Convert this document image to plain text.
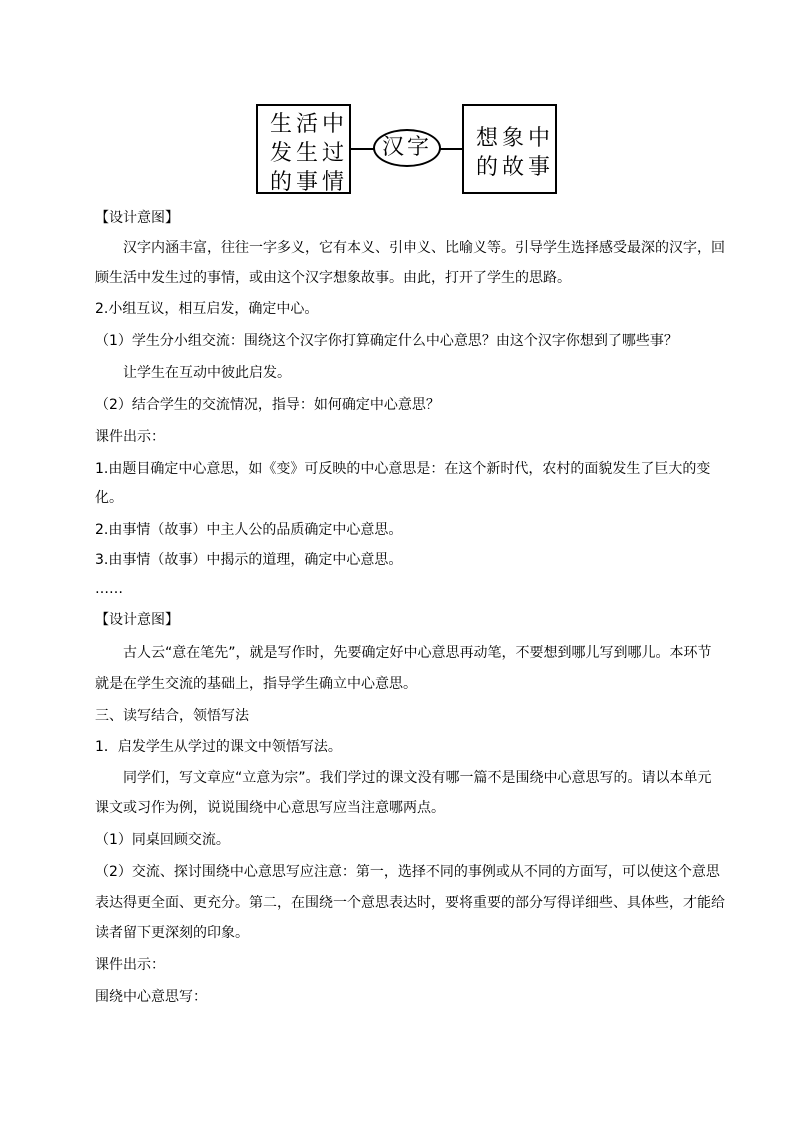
生活中
发生过
的事情
汉字	想象中
的故事
【设计意图】
汉字内涵丰富，往往一字多义，它有本义、引申义、比喻义等。引导学生选择感受最深的汉字，回
顾生活中发生过的事情，或由这个汉字想象故事。由此，打开了学生的思路。
2.小组互议，相互启发，确定中心。
（1）学生分小组交流：围绕这个汉字你打算确定什么中心意思？由这个汉字你想到了哪些事？
让学生在互动中彼此启发。
（2）结合学生的交流情况，指导：如何确定中心意思？
课件出示：
1.由题目确定中心意思，如《变》可反映的中心意思是：在这个新时代，农村的面貌发生了巨大的变
化。
2.由事情（故事）中主人公的品质确定中心意思。
3.由事情（故事）中揭示的道理，确定中心意思。
……
【设计意图】
古人云“意在笔先”，就是写作时，先要确定好中心意思再动笔，不要想到哪儿写到哪儿。本环节
就是在学生交流的基础上，指导学生确立中心意思。
三、读写结合，领悟写法
1．启发学生从学过的课文中领悟写法。
同学们，写文章应“立意为宗”。我们学过的课文没有哪一篇不是围绕中心意思写的。请以本单元
课文或习作为例，说说围绕中心意思写应当注意哪两点。
（1）同桌回顾交流。
（2）交流、探讨围绕中心意思写应注意：第一，选择不同的事例或从不同的方面写，可以使这个意思
表达得更全面、更充分。第二，在围绕一个意思表达时，要将重要的部分写得详细些、具体些，才能给
读者留下更深刻的印象。
课件出示：
围绕中心意思写：
